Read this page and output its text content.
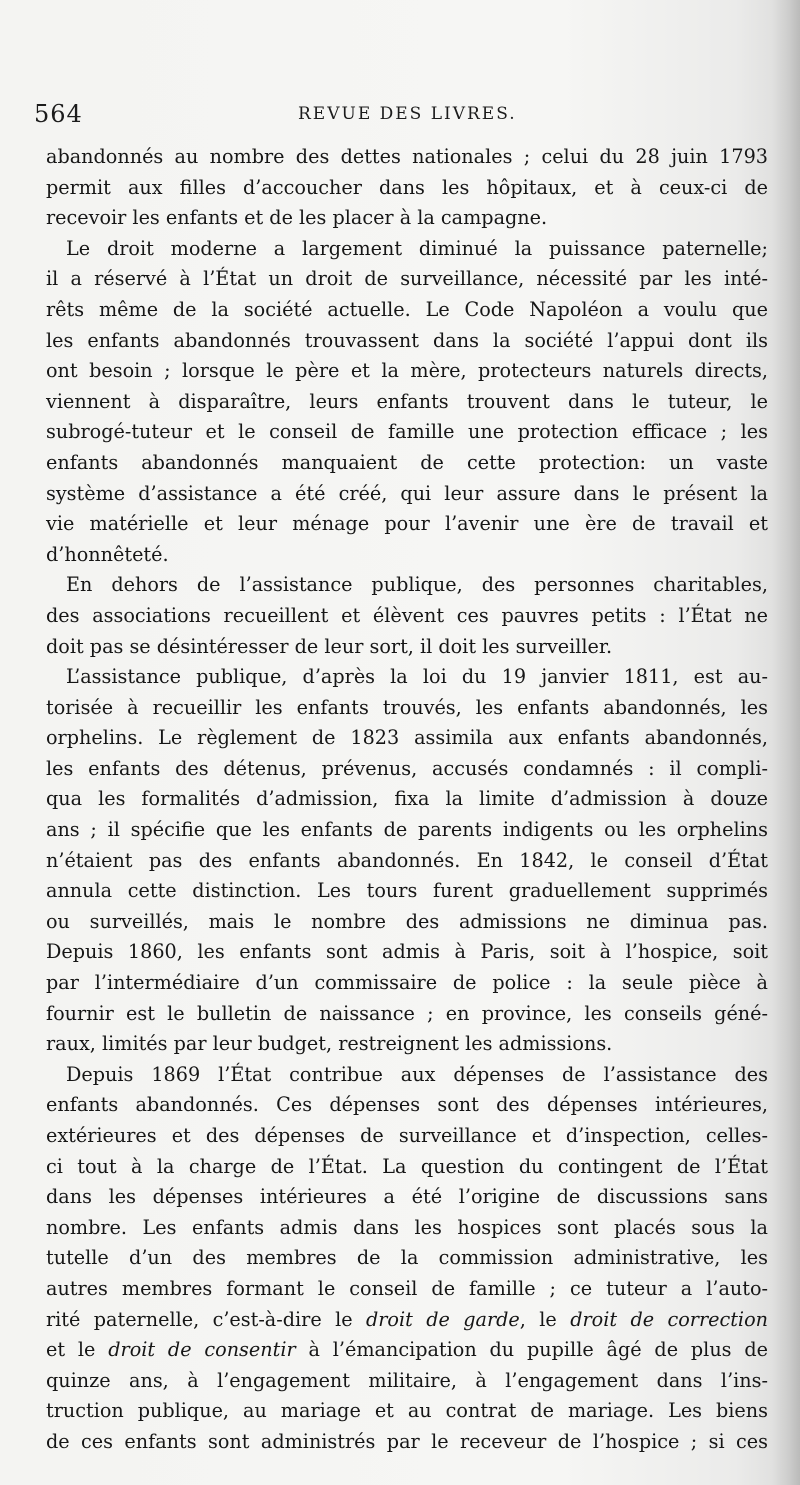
564	REVUE DES LIVRES.
abandonnés au nombre des dettes nationales ; celui du 28 juin 1793
permit aux filles d’accoucher dans les hôpitaux, et à ceux-ci de
recevoir les enfants et de les placer à la campagne.
Le droit moderne a largement diminué la puissance paternelle;
il a réservé à l’État un droit de surveillance, nécessité par les inté-
rêts même de la société actuelle. Le Code Napoléon a voulu que
les enfants abandonnés trouvassent dans la société l’appui dont ils
ont besoin ; lorsque le père et la mère, protecteurs naturels directs,
viennent à disparaître, leurs enfants trouvent dans le tuteur, le
subrogé-tuteur et le conseil de famille une protection efficace ; les
enfants abandonnés manquaient de cette protection: un vaste
système d’assistance a été créé, qui leur assure dans le présent la
vie matérielle et leur ménage pour l’avenir une ère de travail et
d’honnêteté.
En dehors de l’assistance publique, des personnes charitables,
des associations recueillent et élèvent ces pauvres petits : l’État ne
doit pas se désintéresser de leur sort, il doit les surveiller.
L’assistance publique, d’après la loi du 19 janvier 1811, est au-
torisée à recueillir les enfants trouvés, les enfants abandonnés, les
orphelins. Le règlement de 1823 assimila aux enfants abandonnés,
les enfants des détenus, prévenus, accusés condamnés : il compli-
qua les formalités d’admission, fixa la limite d’admission à douze
ans ; il spécifie que les enfants de parents indigents ou les orphelins
n’étaient pas des enfants abandonnés. En 1842, le conseil d’État
annula cette distinction. Les tours furent graduellement supprimés
ou surveillés, mais le nombre des admissions ne diminua pas.
Depuis 1860, les enfants sont admis à Paris, soit à l’hospice, soit
par l’intermédiaire d’un commissaire de police : la seule pièce à
fournir est le bulletin de naissance ; en province, les conseils géné-
raux, limités par leur budget, restreignent les admissions.
Depuis 1869 l’État contribue aux dépenses de l’assistance des
enfants abandonnés. Ces dépenses sont des dépenses intérieures,
extérieures et des dépenses de surveillance et d’inspection, celles-
ci tout à la charge de l’État. La question du contingent de l’État
dans les dépenses intérieures a été l’origine de discussions sans
nombre. Les enfants admis dans les hospices sont placés sous la
tutelle d’un des membres de la commission administrative, les
autres membres formant le conseil de famille ; ce tuteur a l’auto-
rité paternelle, c’est-à-dire le droit de garde, le droit de correction
et le droit de consentir à l’émancipation du pupille âgé de plus de
quinze ans, à l’engagement militaire, à l’engagement dans l’ins-
truction publique, au mariage et au contrat de mariage. Les biens
de ces enfants sont administrés par le receveur de l’hospice ; si ces
